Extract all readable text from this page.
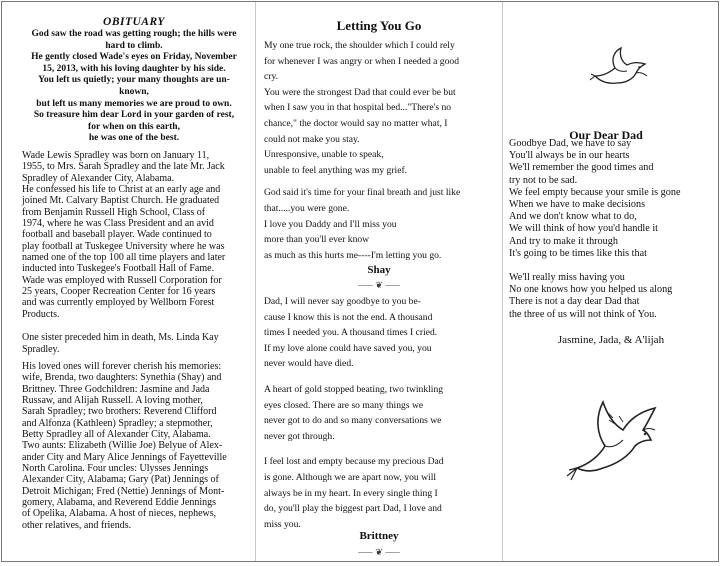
OBITUARY
God saw the road was getting rough; the hills were
hard to climb.
He gently closed Wade's eyes on Friday, November
15, 2013, with his loving daughter by his side.
You left us quietly; your many thoughts are un-
known,
but left us many memories we are proud to own.
So treasure him dear Lord in your garden of rest,
for when on this earth,
he was one of the best.

Wade Lewis Spradley was born on January 11,
1955, to Mrs. Sarah Spradley and the late Mr. Jack
Spradley of Alexander City, Alabama.
He confessed his life to Christ at an early age and
joined Mt. Calvary Baptist Church. He graduated
from Benjamin Russell High School, Class of
1974, where he was Class President and an avid
football and baseball player. Wade continued to
play football at Tuskegee University where he was
named one of the top 100 all time players and later
inducted into Tuskegee's Football Hall of Fame.
Wade was employed with Russell Corporation for
25 years, Cooper Recreation Center for 16 years
and was currently employed by Wellborn Forest
Products.

One sister preceded him in death, Ms. Linda Kay
Spradley.
His loved ones will forever cherish his memories:
wife, Brenda, two daughters: Synethia (Shay) and
Brittney. Three Godchildren: Jasmine and Jada
Russaw, and Alijah Russell. A loving mother,
Sarah Spradley; two brothers: Reverend Clifford
and Alfonza (Kathleen) Spradley; a stepmother,
Betty Spradley all of Alexander City, Alabama.
Two aunts: Elizabeth (Willie Joe) Belyue of Alex-
ander City and Mary Alice Jennings of Fayetteville
North Carolina. Four uncles: Ulysses Jennings
Alexander City, Alabama; Gary (Pat) Jennings of
Detroit Michigan; Fred (Nettie) Jennings of Mont-
gomery, Alabama, and Reverend Eddie Jennings
of Opelika, Alabama. A host of nieces, nephews,
other relatives, and friends.
Letting You Go
My one true rock, the shoulder which I could rely
for whenever I was angry or when I needed a good
cry.
You were the strongest Dad that could ever be but
when I saw you in that hospital bed..."There's no
chance," the doctor would say no matter what, I
could not make you stay.
Unresponsive, unable to speak,
unable to feel anything was my grief.
God said it's time for your final breath and just like
that.....you were gone.
I love you Daddy and I'll miss you
more than you'll ever know
as much as this hurts me----I'm letting you go.
Shay
⸺ ❦ ⸺
Dad, I will never say goodbye to you be-
cause I know this is not the end. A thousand
times I needed you. A thousand times I cried.
If my love alone could have saved you, you
never would have died.
A heart of gold stopped beating, two twinkling
eyes closed. There are so many things we
never got to do and so many conversations we
never got through.
I feel lost and empty because my precious Dad
is gone. Although we are apart now, you will
always be in my heart. In every single thing I
do, you'll play the biggest part Dad, I love and
miss you.
Brittney
⸺ ❦ ⸺
Our Dear Dad
Goodbye Dad, we have to say
You'll always be in our hearts
We'll remember the good times and
try not to be sad.
We feel empty because your smile is gone
When we have to make decisions
And we don't know what to do,
We will think of how you'd handle it
And try to make it through
It's going to be times like this that
We'll really miss having you
No one knows how you helped us along
There is not a day dear Dad that
the three of us will not think of You.
Jasmine, Jada, & A'lijah
